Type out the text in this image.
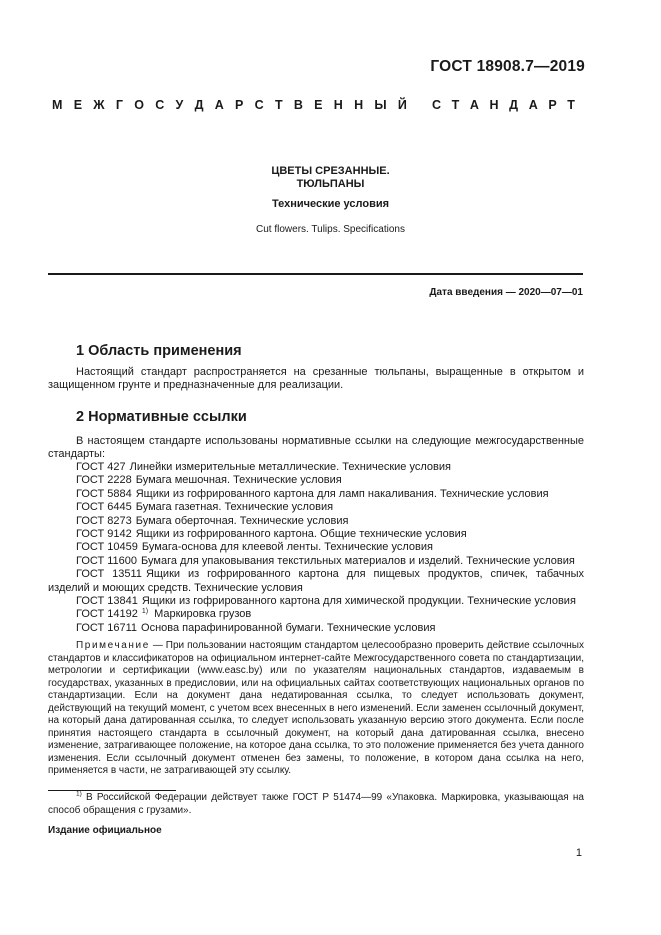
ГОСТ 18908.7—2019
М Е Ж Г О С У Д А Р С Т В Е Н Н Ы Й С Т А Н Д А Р Т
ЦВЕТЫ СРЕЗАННЫЕ.
ТЮЛЬПАНЫ
Технические условия
Cut flowers. Tulips. Specifications
Дата введения — 2020—07—01
1 Область применения
Настоящий стандарт распространяется на срезанные тюльпаны, выращенные в открытом и защищенном грунте и предназначенные для реализации.
2 Нормативные ссылки
В настоящем стандарте использованы нормативные ссылки на следующие межгосударственные стандарты:
ГОСТ 427 Линейки измерительные металлические. Технические условия
ГОСТ 2228 Бумага мешочная. Технические условия
ГОСТ 5884 Ящики из гофрированного картона для ламп накаливания. Технические условия
ГОСТ 6445 Бумага газетная. Технические условия
ГОСТ 8273 Бумага оберточная. Технические условия
ГОСТ 9142 Ящики из гофрированного картона. Общие технические условия
ГОСТ 10459 Бумага-основа для клеевой ленты. Технические условия
ГОСТ 11600 Бумага для упаковывания текстильных материалов и изделий. Технические условия
ГОСТ 13511 Ящики из гофрированного картона для пищевых продуктов, спичек, табачных изделий и моющих средств. Технические условия
ГОСТ 13841 Ящики из гофрированного картона для химической продукции. Технические условия
ГОСТ 14192 $^{1)}$ Маркировка грузов
ГОСТ 16711 Основа парафинированной бумаги. Технические условия
Примечание — При пользовании настоящим стандартом целесообразно проверить действие ссылочных стандартов и классификаторов на официальном интернет-сайте Межгосударственного совета по стандартизации, метрологии и сертификации (www.easc.by) или по указателям национальных стандартов, издаваемым в государствах, указанных в предисловии, или на официальных сайтах соответствующих национальных органов по стандартизации. Если на документ дана недатированная ссылка, то следует использовать документ, действующий на текущий момент, с учетом всех внесенных в него изменений. Если заменен ссылочный документ, на который дана датированная ссылка, то следует использовать указанную версию этого документа. Если после принятия настоящего стандарта в ссылочный документ, на который дана датированная ссылка, внесено изменение, затрагивающее положение, на которое дана ссылка, то это положение применяется без учета данного изменения. Если ссылочный документ отменен без замены, то положение, в котором дана ссылка на него, применяется в части, не затрагивающей эту ссылку.
$^{1)}$ В Российской Федерации действует также ГОСТ Р 51474—99 «Упаковка. Маркировка, указывающая на способ обращения с грузами».
Издание официальное
1
